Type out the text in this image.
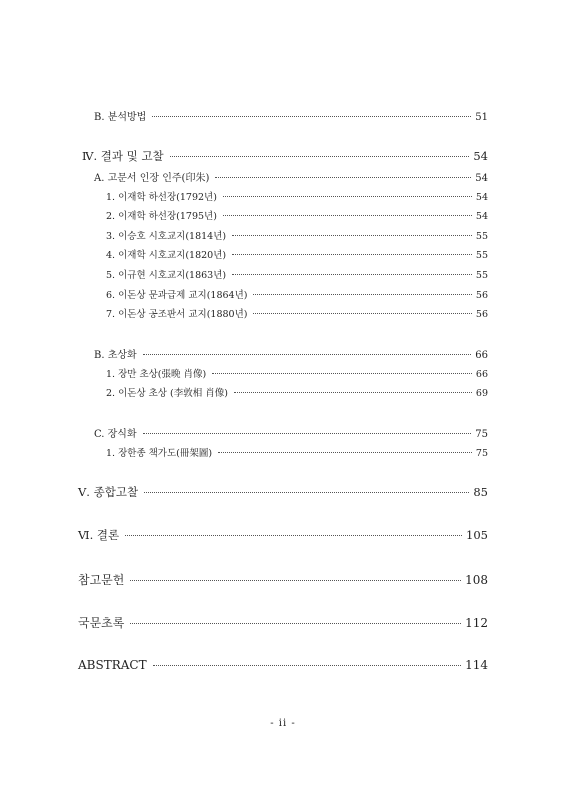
B. 분석방법	51
Ⅳ. 결과 및 고찰	54
A. 고문서 인장 인주(印朱)	54
1. 이재학 하선장(1792년)	54
2. 이재학 하선장(1795년)	54
3. 이승호 시호교지(1814년)	55
4. 이재학 시호교지(1820년)	55
5. 이규현 시호교지(1863년)	55
6. 이돈상 문과급제 교지(1864년)	56
7. 이돈상 공조판서 교지(1880년)	56
B. 초상화	66
1. 장만 초상(張晩 肖像)	66
2. 이돈상 초상 (李敦相 肖像)	69
C. 장식화	75
1. 장한종 책가도(冊架圖)	75
Ⅴ. 종합고찰	85
Ⅵ. 결론	105
참고문헌	108
국문초록	112
ABSTRACT	114
- ii -
